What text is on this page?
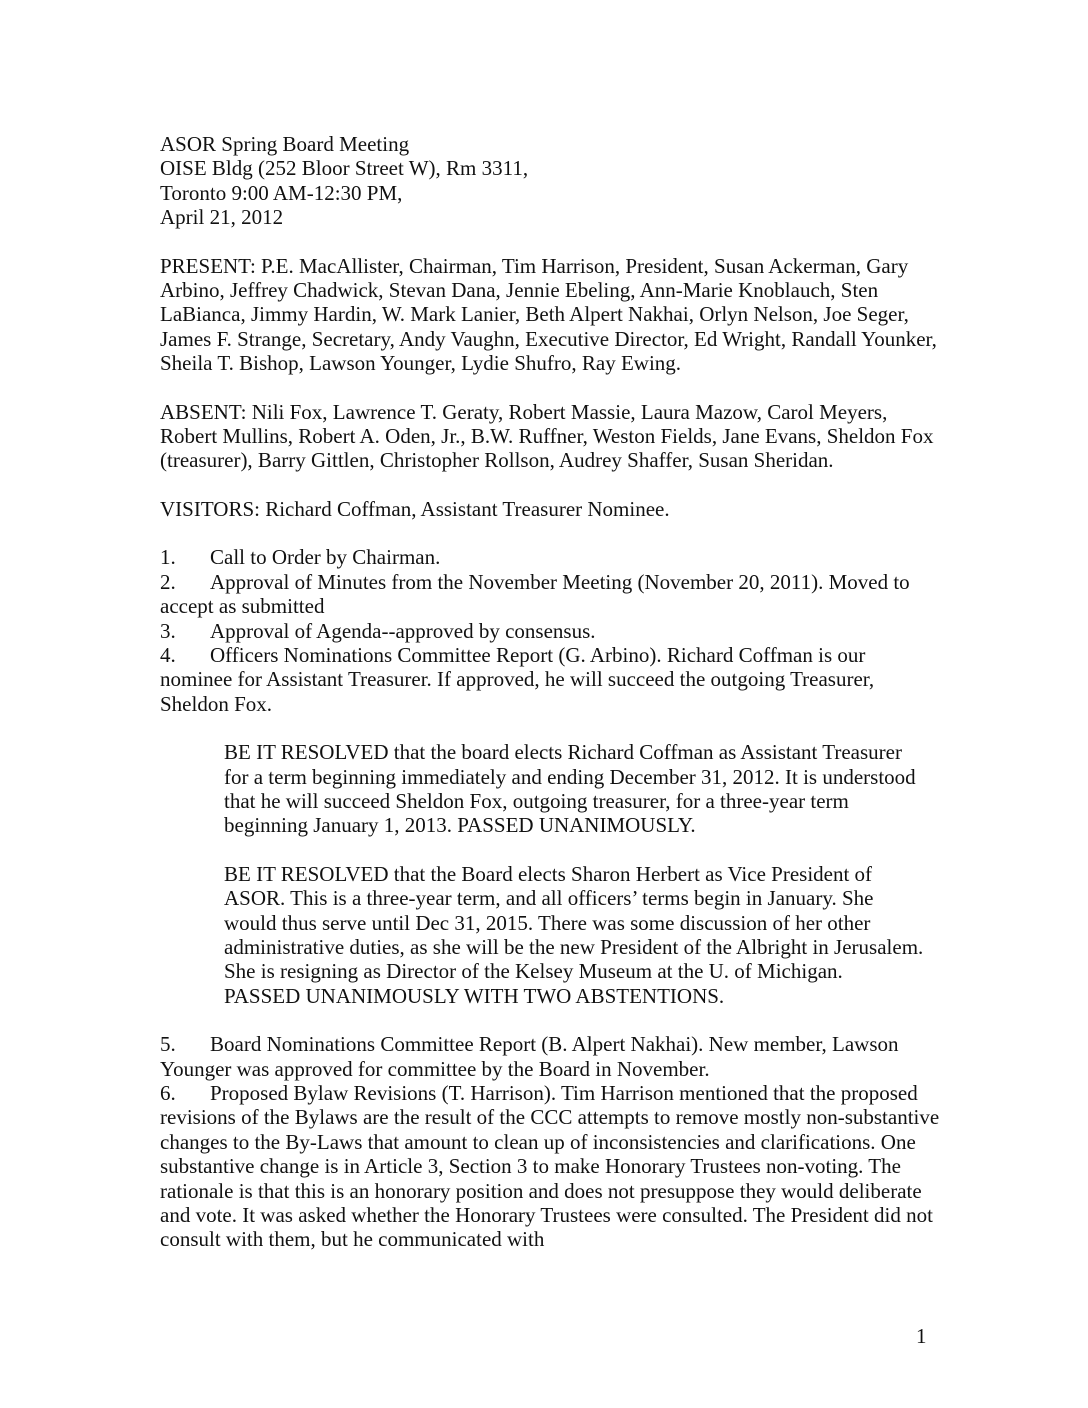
ASOR Spring Board Meeting
OISE Bldg (252 Bloor Street W), Rm 3311,
Toronto 9:00 AM-12:30 PM,
April 21, 2012

PRESENT: P.E. MacAllister, Chairman, Tim Harrison, President, Susan Ackerman, Gary Arbino, Jeffrey Chadwick, Stevan Dana, Jennie Ebeling, Ann-Marie Knoblauch, Sten LaBianca, Jimmy Hardin, W. Mark Lanier, Beth Alpert Nakhai, Orlyn Nelson, Joe Seger, James F. Strange, Secretary, Andy Vaughn, Executive Director, Ed Wright, Randall Younker, Sheila T. Bishop, Lawson Younger, Lydie Shufro, Ray Ewing.

ABSENT: Nili Fox, Lawrence T. Geraty, Robert Massie, Laura Mazow, Carol Meyers, Robert Mullins, Robert A. Oden, Jr., B.W. Ruffner, Weston Fields, Jane Evans, Sheldon Fox (treasurer), Barry Gittlen, Christopher Rollson, Audrey Shaffer, Susan Sheridan.

VISITORS: Richard Coffman, Assistant Treasurer Nominee.

1. Call to Order by Chairman.

2. Approval of Minutes from the November Meeting (November 20, 2011). Moved to accept as submitted

3. Approval of Agenda--approved by consensus.

4. Officers Nominations Committee Report (G. Arbino). Richard Coffman is our nominee for Assistant Treasurer. If approved, he will succeed the outgoing Treasurer, Sheldon Fox.

BE IT RESOLVED that the board elects Richard Coffman as Assistant Treasurer for a term beginning immediately and ending December 31, 2012. It is understood that he will succeed Sheldon Fox, outgoing treasurer, for a three-year term beginning January 1, 2013. PASSED UNANIMOUSLY.

BE IT RESOLVED that the Board elects Sharon Herbert as Vice President of ASOR. This is a three-year term, and all officers’ terms begin in January. She would thus serve until Dec 31, 2015. There was some discussion of her other administrative duties, as she will be the new President of the Albright in Jerusalem. She is resigning as Director of the Kelsey Museum at the U. of Michigan. PASSED UNANIMOUSLY WITH TWO ABSTENTIONS.

5. Board Nominations Committee Report (B. Alpert Nakhai). New member, Lawson Younger was approved for committee by the Board in November.

6. Proposed Bylaw Revisions (T. Harrison). Tim Harrison mentioned that the proposed revisions of the Bylaws are the result of the CCC attempts to remove mostly non-substantive changes to the By-Laws that amount to clean up of inconsistencies and clarifications. One substantive change is in Article 3, Section 3 to make Honorary Trustees non-voting. The rationale is that this is an honorary position and does not presuppose they would deliberate and vote. It was asked whether the Honorary Trustees were consulted. The President did not consult with them, but he communicated with

1
